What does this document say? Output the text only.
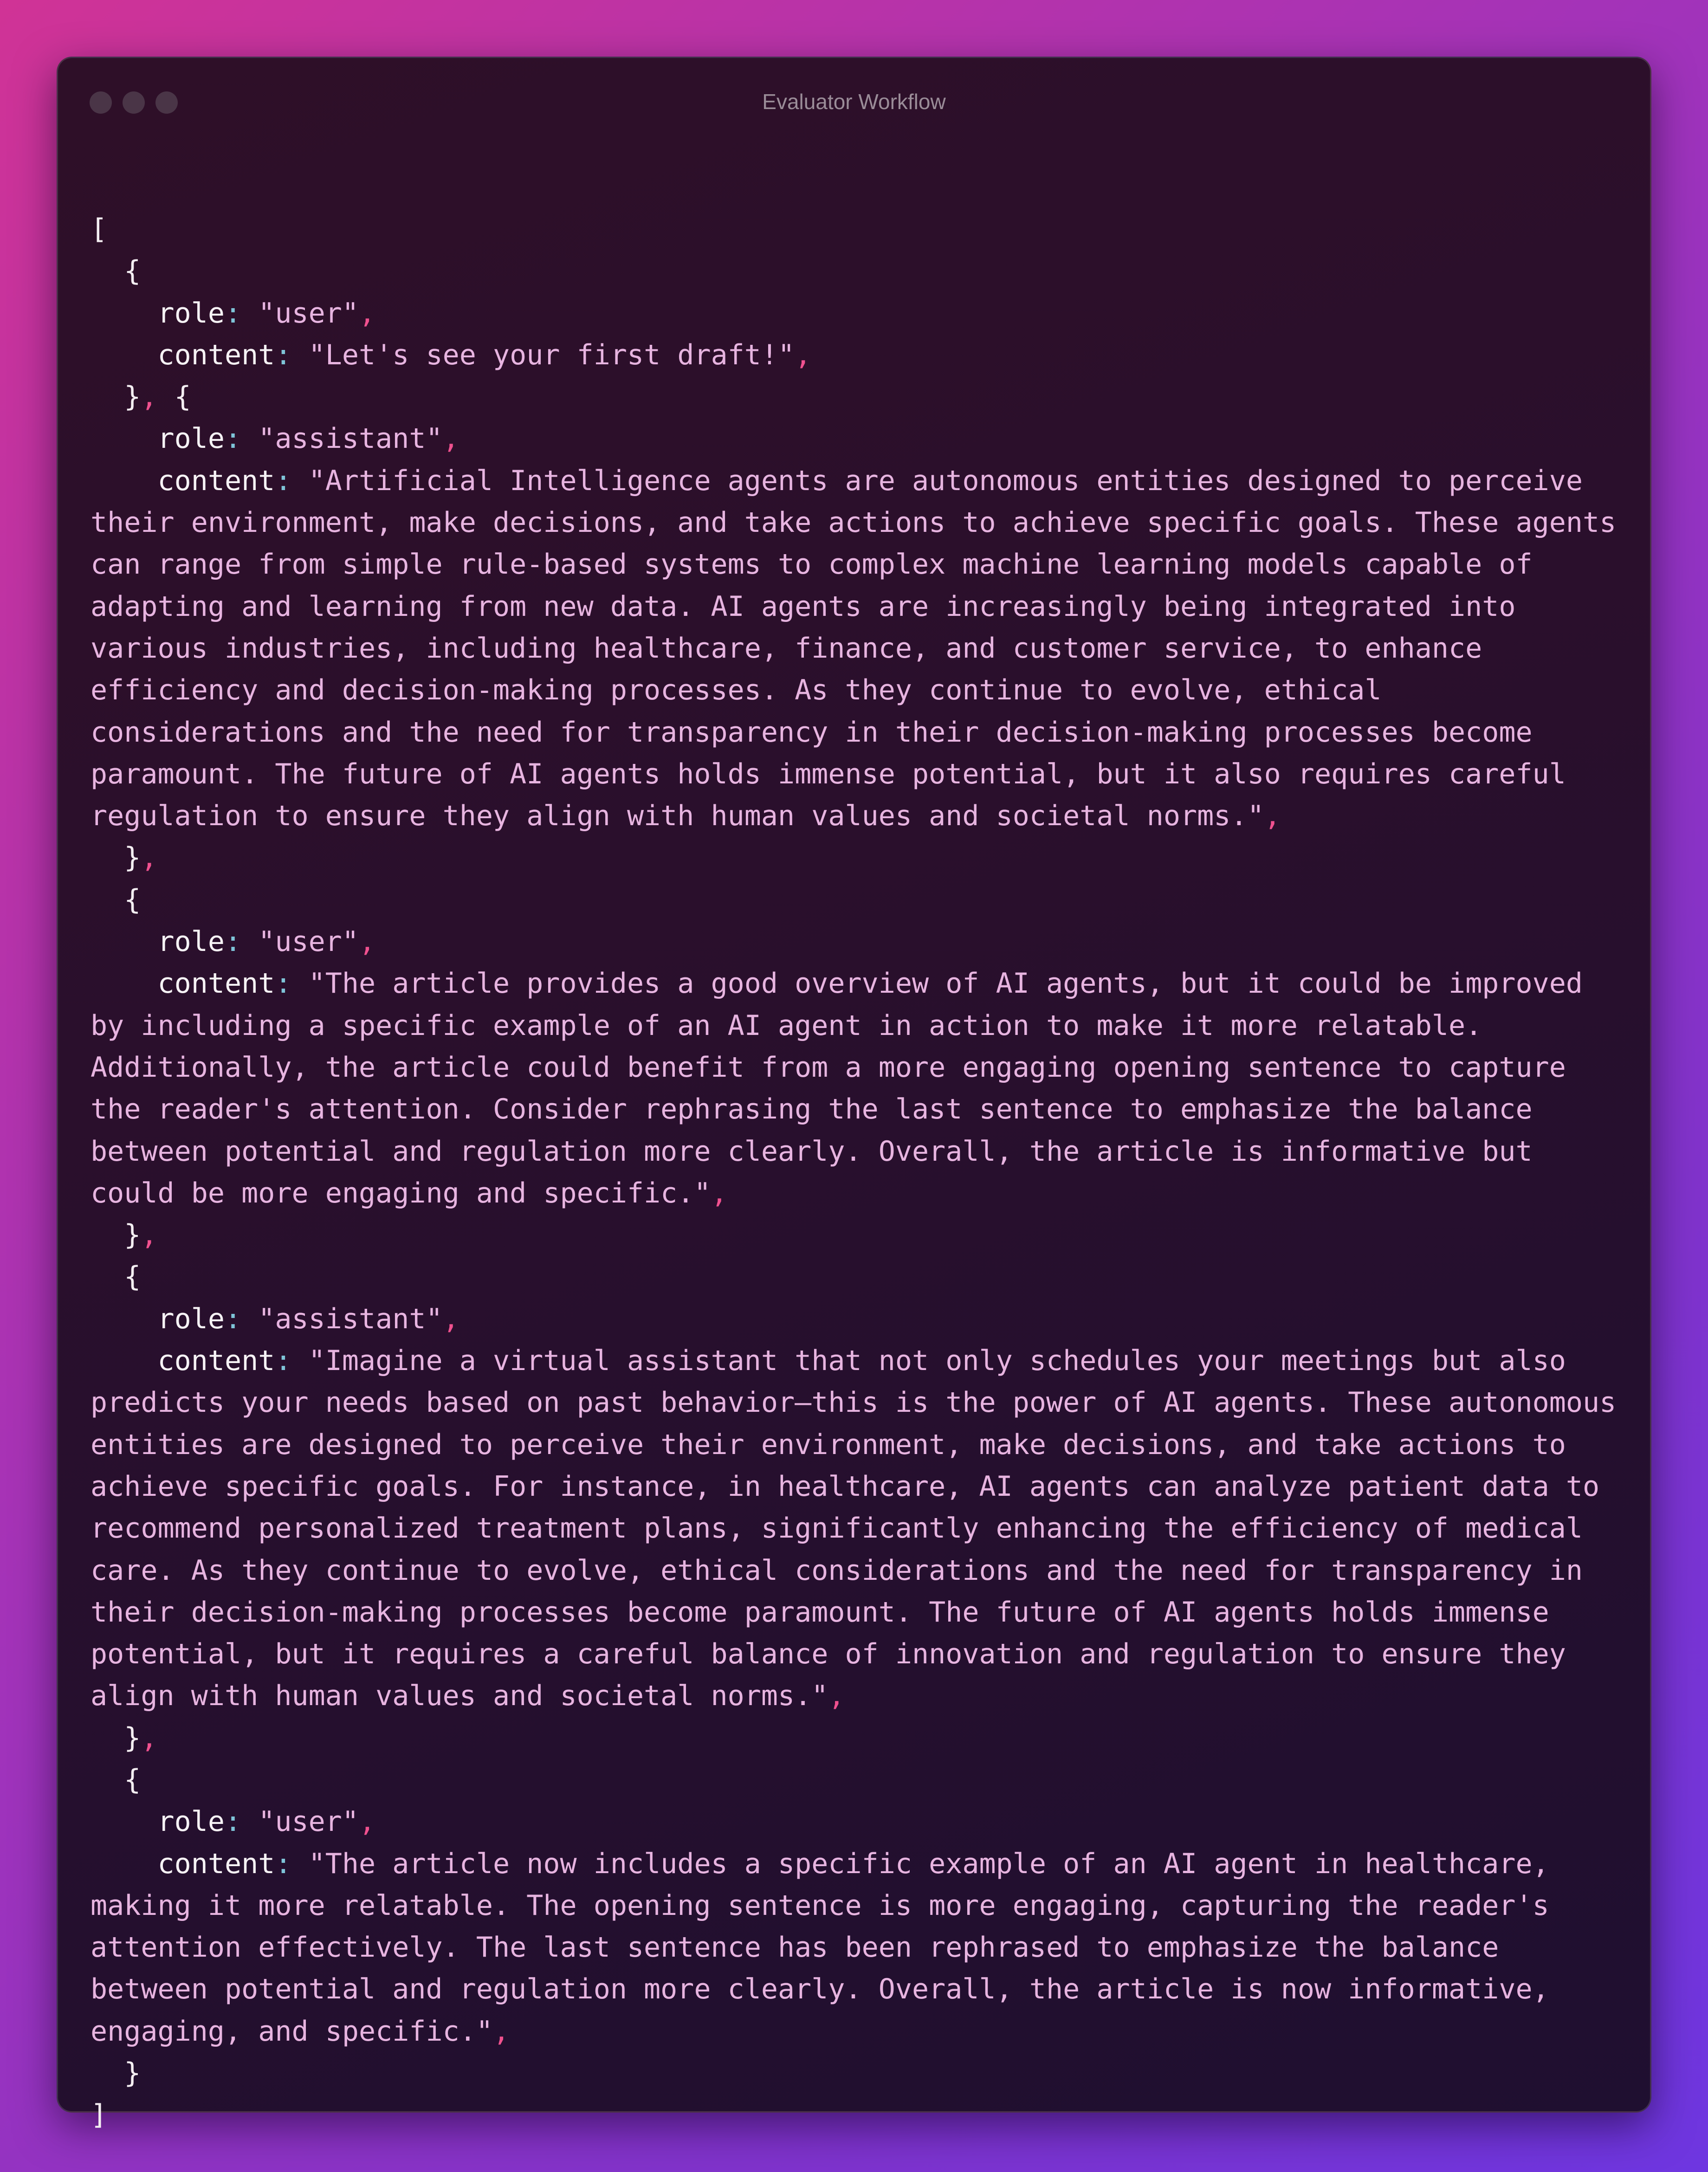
Evaluator Workflow
[
{
role: "user",
content: "Let's see your first draft!",
}, {
role: "assistant",
content: "Artificial Intelligence agents are autonomous entities designed to perceive
their environment, make decisions, and take actions to achieve specific goals. These agents
can range from simple rule-based systems to complex machine learning models capable of
adapting and learning from new data. AI agents are increasingly being integrated into
various industries, including healthcare, finance, and customer service, to enhance
efficiency and decision-making processes. As they continue to evolve, ethical
considerations and the need for transparency in their decision-making processes become
paramount. The future of AI agents holds immense potential, but it also requires careful
regulation to ensure they align with human values and societal norms.",
},
{
role: "user",
content: "The article provides a good overview of AI agents, but it could be improved
by including a specific example of an AI agent in action to make it more relatable.
Additionally, the article could benefit from a more engaging opening sentence to capture
the reader's attention. Consider rephrasing the last sentence to emphasize the balance
between potential and regulation more clearly. Overall, the article is informative but
could be more engaging and specific.",
},
{
role: "assistant",
content: "Imagine a virtual assistant that not only schedules your meetings but also
predicts your needs based on past behavior—this is the power of AI agents. These autonomous
entities are designed to perceive their environment, make decisions, and take actions to
achieve specific goals. For instance, in healthcare, AI agents can analyze patient data to
recommend personalized treatment plans, significantly enhancing the efficiency of medical
care. As they continue to evolve, ethical considerations and the need for transparency in
their decision-making processes become paramount. The future of AI agents holds immense
potential, but it requires a careful balance of innovation and regulation to ensure they
align with human values and societal norms.",
},
{
role: "user",
content: "The article now includes a specific example of an AI agent in healthcare,
making it more relatable. The opening sentence is more engaging, capturing the reader's
attention effectively. The last sentence has been rephrased to emphasize the balance
between potential and regulation more clearly. Overall, the article is now informative,
engaging, and specific.",
}
]
